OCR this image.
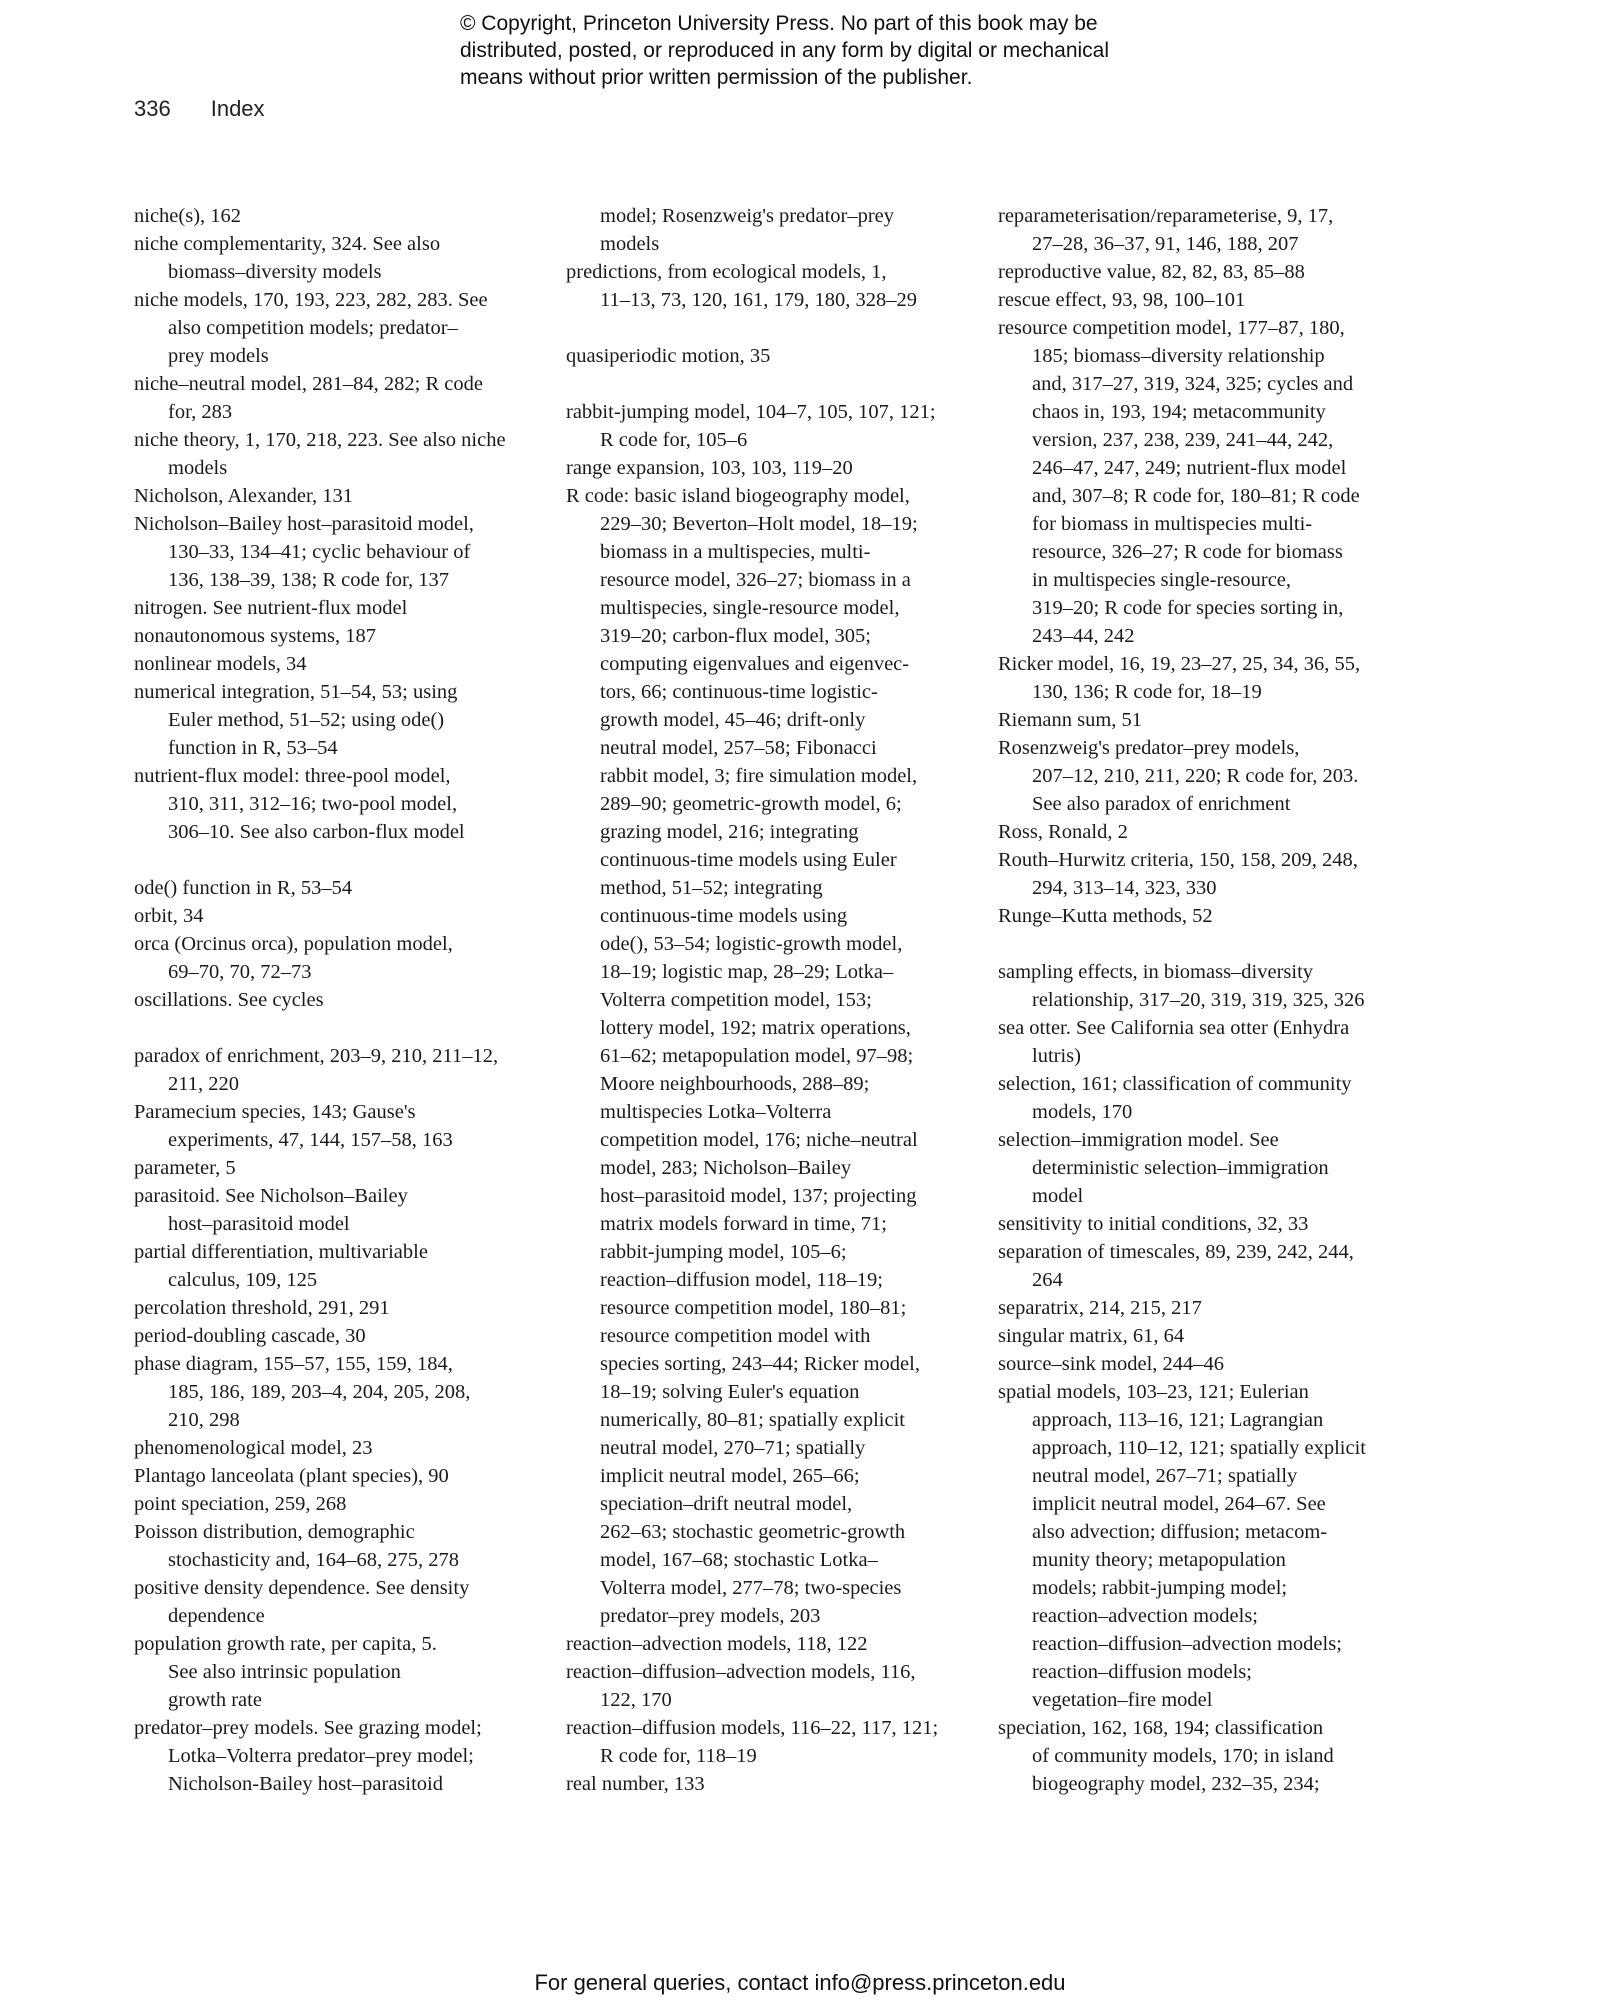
© Copyright, Princeton University Press. No part of this book may be
distributed, posted, or reproduced in any form by digital or mechanical
means without prior written permission of the publisher.
336 Index
niche(s), 162
niche complementarity, 324. See also
biomass–diversity models
niche models, 170, 193, 223, 282, 283. See
also competition models; predator–
prey models
niche–neutral model, 281–84, 282; R code
for, 283
niche theory, 1, 170, 218, 223. See also niche
models
Nicholson, Alexander, 131
Nicholson–Bailey host–parasitoid model,
130–33, 134–41; cyclic behaviour of
136, 138–39, 138; R code for, 137
nitrogen. See nutrient-flux model
nonautonomous systems, 187
nonlinear models, 34
numerical integration, 51–54, 53; using
Euler method, 51–52; using ode()
function in R, 53–54
nutrient-flux model: three-pool model,
310, 311, 312–16; two-pool model,
306–10. See also carbon-flux model
ode() function in R, 53–54
orbit, 34
orca (Orcinus orca), population model,
69–70, 70, 72–73
oscillations. See cycles
paradox of enrichment, 203–9, 210, 211–12,
211, 220
Paramecium species, 143; Gause's
experiments, 47, 144, 157–58, 163
parameter, 5
parasitoid. See Nicholson–Bailey
host–parasitoid model
partial differentiation, multivariable
calculus, 109, 125
percolation threshold, 291, 291
period-doubling cascade, 30
phase diagram, 155–57, 155, 159, 184,
185, 186, 189, 203–4, 204, 205, 208,
210, 298
phenomenological model, 23
Plantago lanceolata (plant species), 90
point speciation, 259, 268
Poisson distribution, demographic
stochasticity and, 164–68, 275, 278
positive density dependence. See density
dependence
population growth rate, per capita, 5.
See also intrinsic population
growth rate
predator–prey models. See grazing model;
Lotka–Volterra predator–prey model;
Nicholson-Bailey host–parasitoid
model; Rosenzweig's predator–prey
models
predictions, from ecological models, 1,
11–13, 73, 120, 161, 179, 180, 328–29
quasiperiodic motion, 35
rabbit-jumping model, 104–7, 105, 107, 121;
R code for, 105–6
range expansion, 103, 103, 119–20
R code: basic island biogeography model,
229–30; Beverton–Holt model, 18–19;
biomass in a multispecies, multi-
resource model, 326–27; biomass in a
multispecies, single-resource model,
319–20; carbon-flux model, 305;
computing eigenvalues and eigenvec-
tors, 66; continuous-time logistic-
growth model, 45–46; drift-only
neutral model, 257–58; Fibonacci
rabbit model, 3; fire simulation model,
289–90; geometric-growth model, 6;
grazing model, 216; integrating
continuous-time models using Euler
method, 51–52; integrating
continuous-time models using
ode(), 53–54; logistic-growth model,
18–19; logistic map, 28–29; Lotka–
Volterra competition model, 153;
lottery model, 192; matrix operations,
61–62; metapopulation model, 97–98;
Moore neighbourhoods, 288–89;
multispecies Lotka–Volterra
competition model, 176; niche–neutral
model, 283; Nicholson–Bailey
host–parasitoid model, 137; projecting
matrix models forward in time, 71;
rabbit-jumping model, 105–6;
reaction–diffusion model, 118–19;
resource competition model, 180–81;
resource competition model with
species sorting, 243–44; Ricker model,
18–19; solving Euler's equation
numerically, 80–81; spatially explicit
neutral model, 270–71; spatially
implicit neutral model, 265–66;
speciation–drift neutral model,
262–63; stochastic geometric-growth
model, 167–68; stochastic Lotka–
Volterra model, 277–78; two-species
predator–prey models, 203
reaction–advection models, 118, 122
reaction–diffusion–advection models, 116,
122, 170
reaction–diffusion models, 116–22, 117, 121;
R code for, 118–19
real number, 133
reparameterisation/reparameterise, 9, 17,
27–28, 36–37, 91, 146, 188, 207
reproductive value, 82, 82, 83, 85–88
rescue effect, 93, 98, 100–101
resource competition model, 177–87, 180,
185; biomass–diversity relationship
and, 317–27, 319, 324, 325; cycles and
chaos in, 193, 194; metacommunity
version, 237, 238, 239, 241–44, 242,
246–47, 247, 249; nutrient-flux model
and, 307–8; R code for, 180–81; R code
for biomass in multispecies multi-
resource, 326–27; R code for biomass
in multispecies single-resource,
319–20; R code for species sorting in,
243–44, 242
Ricker model, 16, 19, 23–27, 25, 34, 36, 55,
130, 136; R code for, 18–19
Riemann sum, 51
Rosenzweig's predator–prey models,
207–12, 210, 211, 220; R code for, 203.
See also paradox of enrichment
Ross, Ronald, 2
Routh–Hurwitz criteria, 150, 158, 209, 248,
294, 313–14, 323, 330
Runge–Kutta methods, 52
sampling effects, in biomass–diversity
relationship, 317–20, 319, 319, 325, 326
sea otter. See California sea otter (Enhydra
lutris)
selection, 161; classification of community
models, 170
selection–immigration model. See
deterministic selection–immigration
model
sensitivity to initial conditions, 32, 33
separation of timescales, 89, 239, 242, 244,
264
separatrix, 214, 215, 217
singular matrix, 61, 64
source–sink model, 244–46
spatial models, 103–23, 121; Eulerian
approach, 113–16, 121; Lagrangian
approach, 110–12, 121; spatially explicit
neutral model, 267–71; spatially
implicit neutral model, 264–67. See
also advection; diffusion; metacom-
munity theory; metapopulation
models; rabbit-jumping model;
reaction–advection models;
reaction–diffusion–advection models;
reaction–diffusion models;
vegetation–fire model
speciation, 162, 168, 194; classification
of community models, 170; in island
biogeography model, 232–35, 234;
For general queries, contact info@press.princeton.edu
